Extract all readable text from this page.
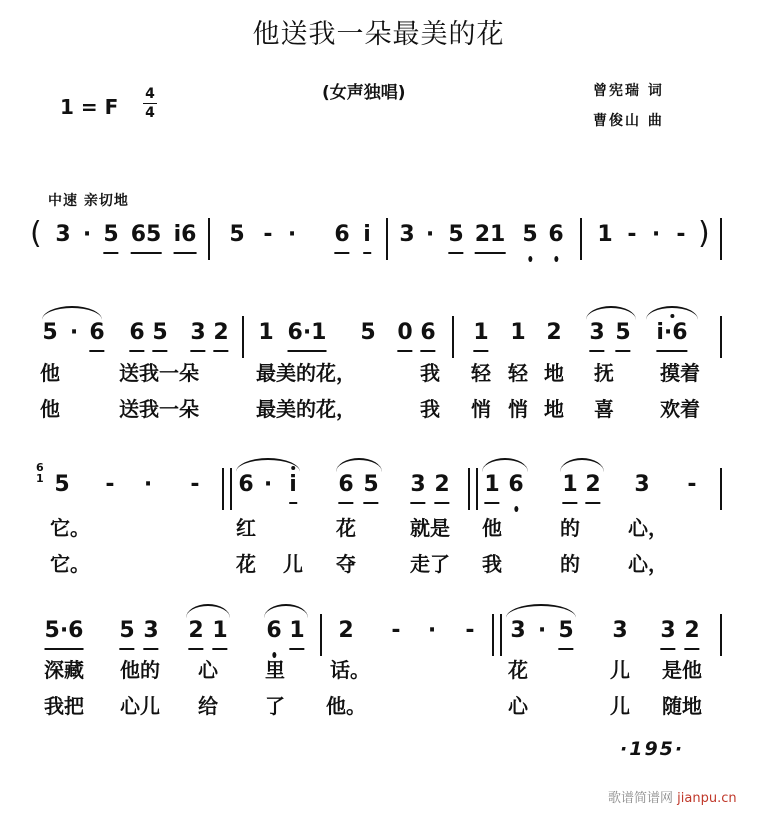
他送我一朵最美的花
(女声独唱)	曾宪瑞 词
曹俊山 曲
1 = F
4
4
中速 亲切地
( 3 · 5 65 i6 5 - · 6 i 3 · 5 21 5 6 1 - · - )
5 · 6 6 5 3 2 1 6·1 5 0 6 1 1 2 3 5 i·6
他	送我一朵	最美的花，	我 轻 轻 地 抚 摸着
他	送我一朵	最美的花，	我 悄 悄 地 喜 欢着
6
1 5 - · - 6 · i 6 5 3 2 1 6 1 2 3 -
它。	红	花	就是 他	的 心，
它。	花 儿 夺	走了 我	的 心，
5·6 5 3 2 1 6 1 2 - · - 3 · 5 3 3 2
深藏 他的 心 里 话。	花	儿 是他
我把 心儿 给 了 他。	心	儿 随地
·195·
歌谱简谱网 jianpu.cn
